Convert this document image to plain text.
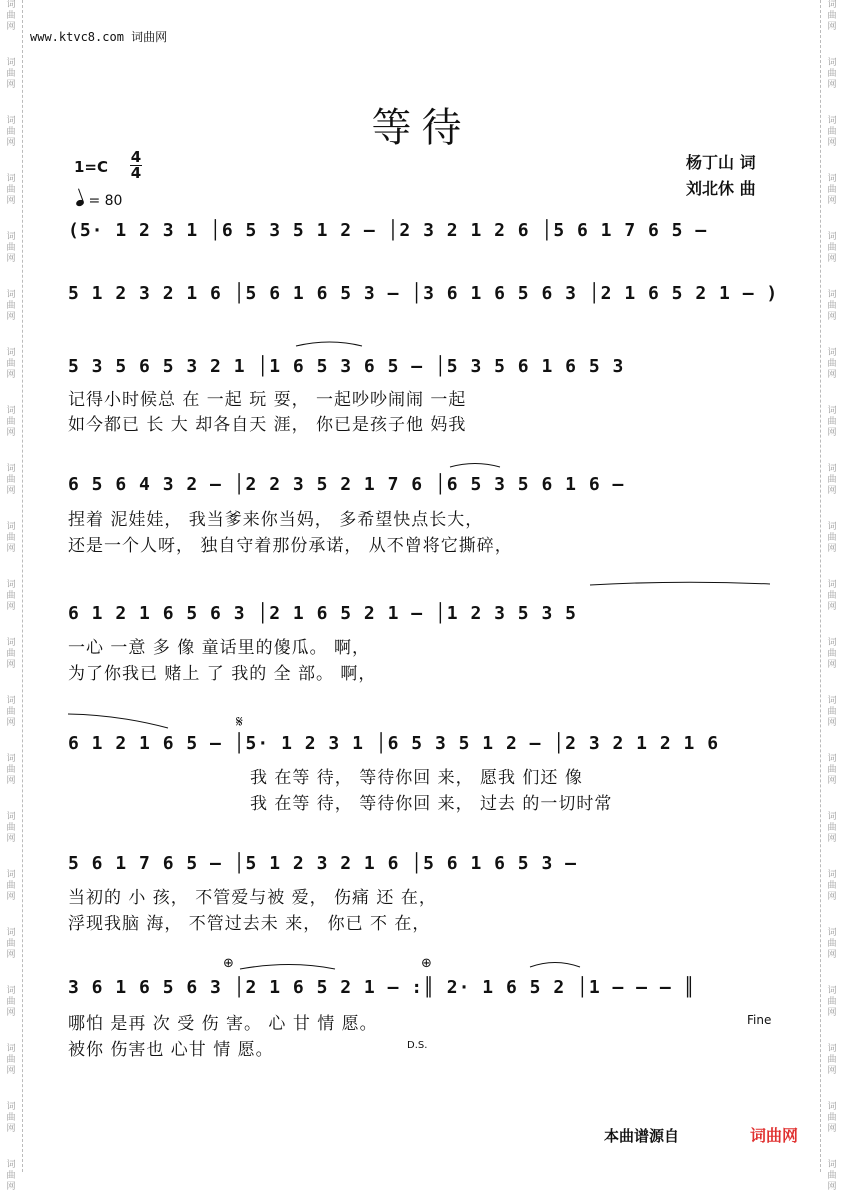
词曲网
词曲网
词曲网
词曲网
词曲网
词曲网
词曲网
词曲网
词曲网
词曲网
词曲网
词曲网
词曲网
词曲网
词曲网
词曲网
词曲网
词曲网
词曲网
词曲网
词曲网
词曲网
词曲网
词曲网
词曲网
词曲网
词曲网
词曲网
词曲网
词曲网
词曲网
词曲网
词曲网
词曲网
词曲网
词曲网
词曲网
词曲网
词曲网
词曲网
词曲网
词曲网
www.ktvc8.com 词曲网
等待
$1=C \frac{4}{4}$
= 80
杨丁山 词
刘北休 曲
(5· 1 2 3 1 │6 5 3 5 1 2 – │2 3 2 1 2 6 │5 6 1 7 6 5 –
5 1 2 3 2 1 6 │5 6 1 6 5 3 – │3 6 1 6 5 6 3 │2 1 6 5 2 1 – )
5 3 5 6 5 3 2 1 │1 6 5 3 6 5 – │5 3 5 6 1 6 5 3
记得小时候总 在 一起 玩 耍， 一起吵吵闹闹 一起
如今都已 长 大 却各自天 涯， 你已是孩子他 妈我
6 5 6 4 3 2 – │2 2 3 5 2 1 7 6 │6 5 3 5 6 1 6 –
捏着 泥娃娃， 我当爹来你当妈， 多希望快点长大，
还是一个人呀， 独自守着那份承诺， 从不曾将它撕碎，
6 1 2 1 6 5 6 3 │2 1 6 5 2 1 – │1 2 3 5 3 5
一心 一意 多 像 童话里的傻瓜。 啊，
为了你我已 赌上 了 我的 全 部。 啊，
6 1 2 1 6 5 – │5· 1 2 3 1 │6 5 3 5 1 2 – │2 3 2 1 2 1 6
我 在等 待， 等待你回 来， 愿我 们还 像
我 在等 待， 等待你回 来， 过去 的一切时常
5 6 1 7 6 5 – │5 1 2 3 2 1 6 │5 6 1 6 5 3 –
当初的 小 孩， 不管爱与被 爱， 伤痛 还 在，
浮现我脑 海， 不管过去未 来， 你已 不 在，
3 6 1 6 5 6 3 │2 1 6 5 2 1 – :║ 2· 1 6 5 2 │1 – – – ║
哪怕 是再 次 受 伤 害。 心 甘 情 愿。
被你 伤害也 心甘 情 愿。
𝄋
⊕	⊕
Fine
D.S.
本曲谱源自	词曲网
